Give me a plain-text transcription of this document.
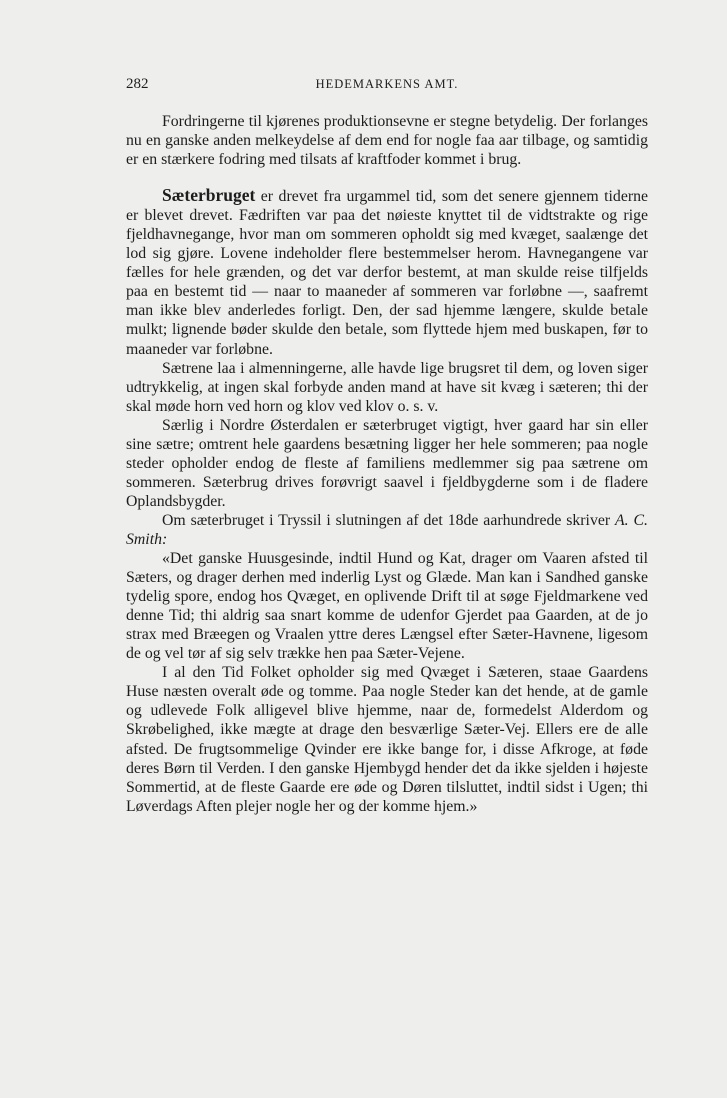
282	HEDEMARKENS AMT.

Fordringerne til kjørenes produktionsevne er stegne betydelig. Der forlanges nu en ganske anden melkeydelse af dem end for nogle faa aar tilbage, og samtidig er en stærkere fodring med tilsats af kraftfoder kommet i brug.

Sæterbruget er drevet fra urgammel tid, som det senere gjennem tiderne er blevet drevet. Fædriften var paa det nøieste knyttet til de vidtstrakte og rige fjeldhavnegange, hvor man om sommeren opholdt sig med kvæget, saalænge det lod sig gjøre. Lovene indeholder flere bestemmelser herom. Havnegangene var fælles for hele grænden, og det var derfor bestemt, at man skulde reise tilfjelds paa en bestemt tid — naar to maaneder af sommeren var forløbne —, saafremt man ikke blev anderledes forligt. Den, der sad hjemme længere, skulde betale mulkt; lignende bøder skulde den betale, som flyttede hjem med buskapen, før to maaneder var forløbne.

Sætrene laa i almenningerne, alle havde lige brugsret til dem, og loven siger udtrykkelig, at ingen skal forbyde anden mand at have sit kvæg i sæteren; thi der skal møde horn ved horn og klov ved klov o. s. v.

Særlig i Nordre Østerdalen er sæterbruget vigtigt, hver gaard har sin eller sine sætre; omtrent hele gaardens besætning ligger her hele sommeren; paa nogle steder opholder endog de fleste af familiens medlemmer sig paa sætrene om sommeren. Sæterbrug drives forøvrigt saavel i fjeldbygderne som i de fladere Oplandsbygder.

Om sæterbruget i Tryssil i slutningen af det 18de aarhundrede skriver A. C. Smith:

«Det ganske Huusgesinde, indtil Hund og Kat, drager om Vaaren afsted til Sæters, og drager derhen med inderlig Lyst og Glæde. Man kan i Sandhed ganske tydelig spore, endog hos Qvæget, en oplivende Drift til at søge Fjeldmarkene ved denne Tid; thi aldrig saa snart komme de udenfor Gjerdet paa Gaarden, at de jo strax med Bræegen og Vraalen yttre deres Længsel efter Sæter-Havnene, ligesom de og vel tør af sig selv trække hen paa Sæter-Vejene.

I al den Tid Folket opholder sig med Qvæget i Sæteren, staae Gaardens Huse næsten overalt øde og tomme. Paa nogle Steder kan det hende, at de gamle og udlevede Folk alligevel blive hjemme, naar de, formedelst Alderdom og Skrøbelighed, ikke mægte at drage den besværlige Sæter-Vej. Ellers ere de alle afsted. De frugtsommelige Qvinder ere ikke bange for, i disse Afkroge, at føde deres Børn til Verden. I den ganske Hjembygd hender det da ikke sjelden i højeste Sommertid, at de fleste Gaarde ere øde og Døren tilsluttet, indtil sidst i Ugen; thi Løverdags Aften plejer nogle her og der komme hjem.»
